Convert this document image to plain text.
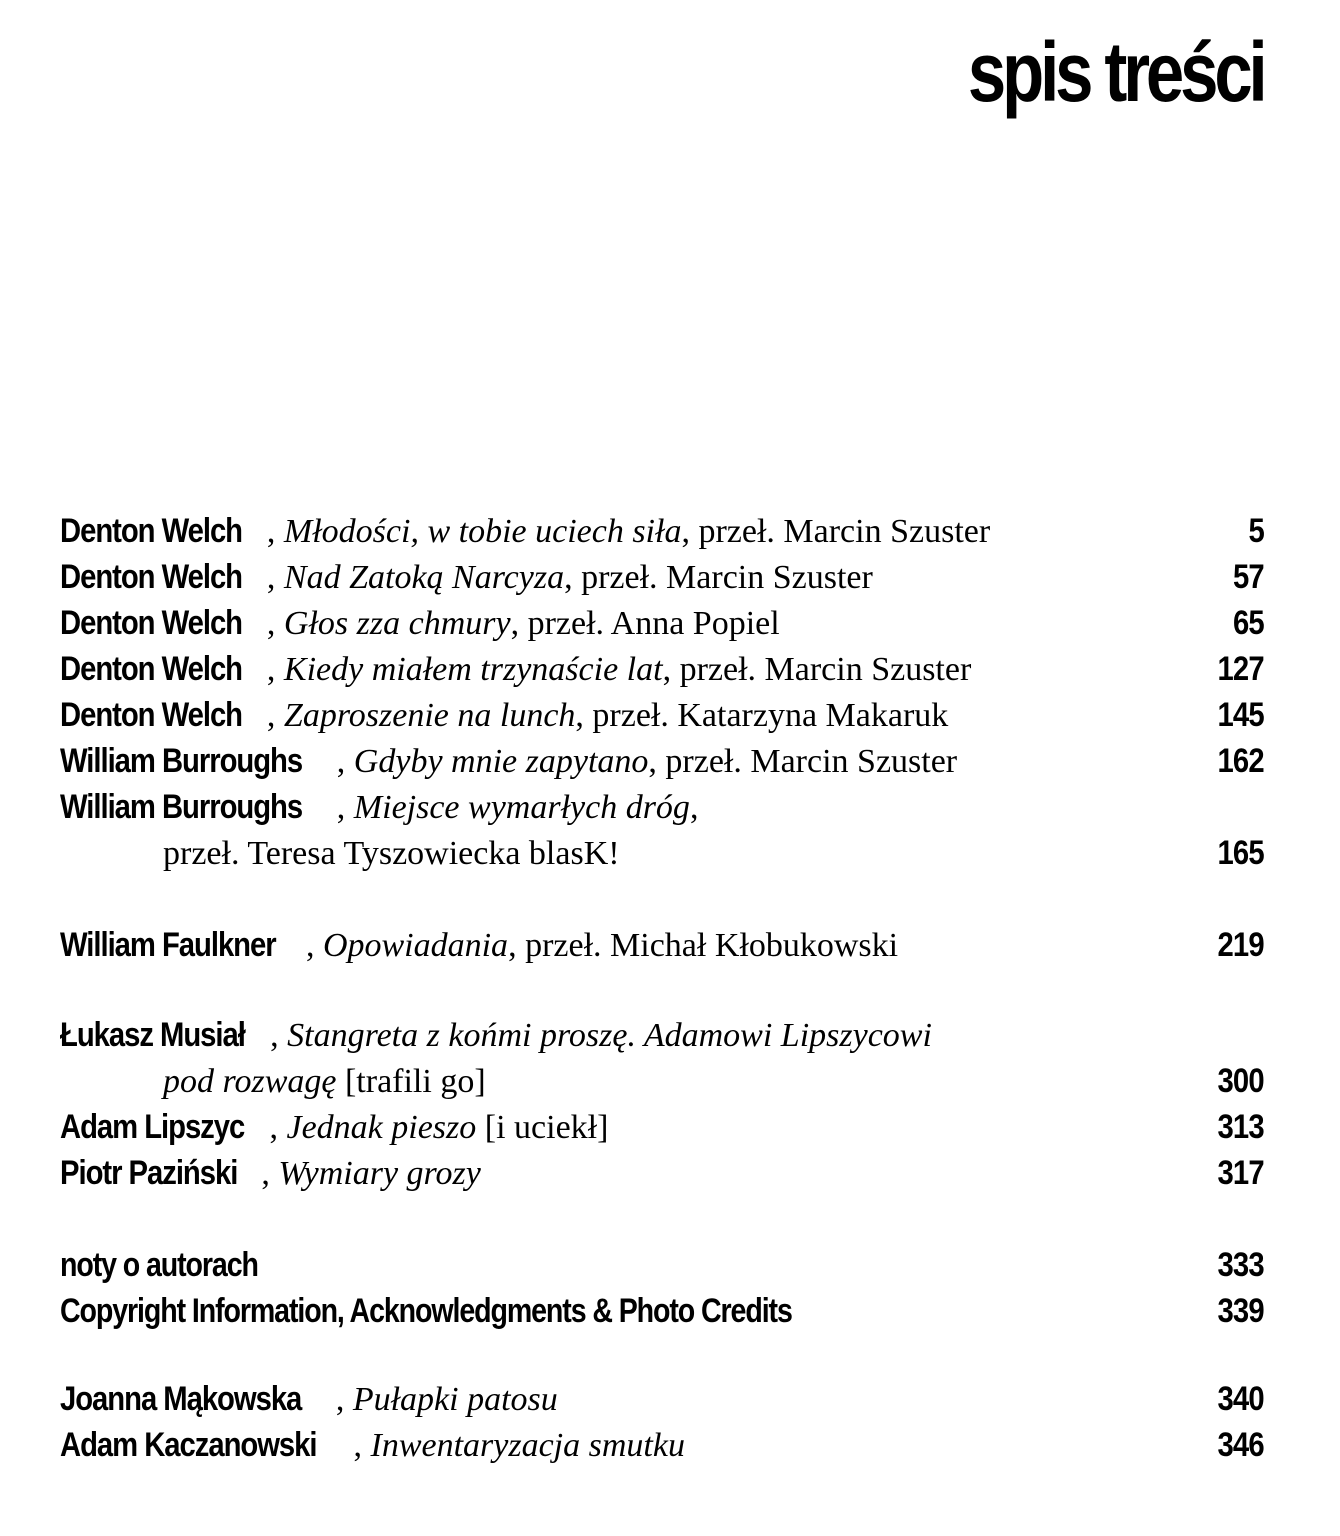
spis treści
Denton Welch , Młodości, w tobie uciech siła, przeł. Marcin Szuster	5
Denton Welch , Nad Zatoką Narcyza, przeł. Marcin Szuster	57
Denton Welch , Głos zza chmury, przeł. Anna Popiel	65
Denton Welch , Kiedy miałem trzynaście lat, przeł. Marcin Szuster	127
Denton Welch , Zaproszenie na lunch, przeł. Katarzyna Makaruk	145
William Burroughs , Gdyby mnie zapytano, przeł. Marcin Szuster	162
William Burroughs , Miejsce wymarłych dróg,
przeł. Teresa Tyszowiecka blasK!	165
William Faulkner , Opowiadania, przeł. Michał Kłobukowski	219
Łukasz Musiał , Stangreta z końmi proszę. Adamowi Lipszycowi
pod rozwagę [trafili go]	300
Adam Lipszyc , Jednak pieszo [i uciekł]	313
Piotr Paziński , Wymiary grozy	317
noty o autorach	333
Copyright Information, Acknowledgments & Photo Credits	339
Joanna Mąkowska , Pułapki patosu	340
Adam Kaczanowski , Inwentaryzacja smutku	346
